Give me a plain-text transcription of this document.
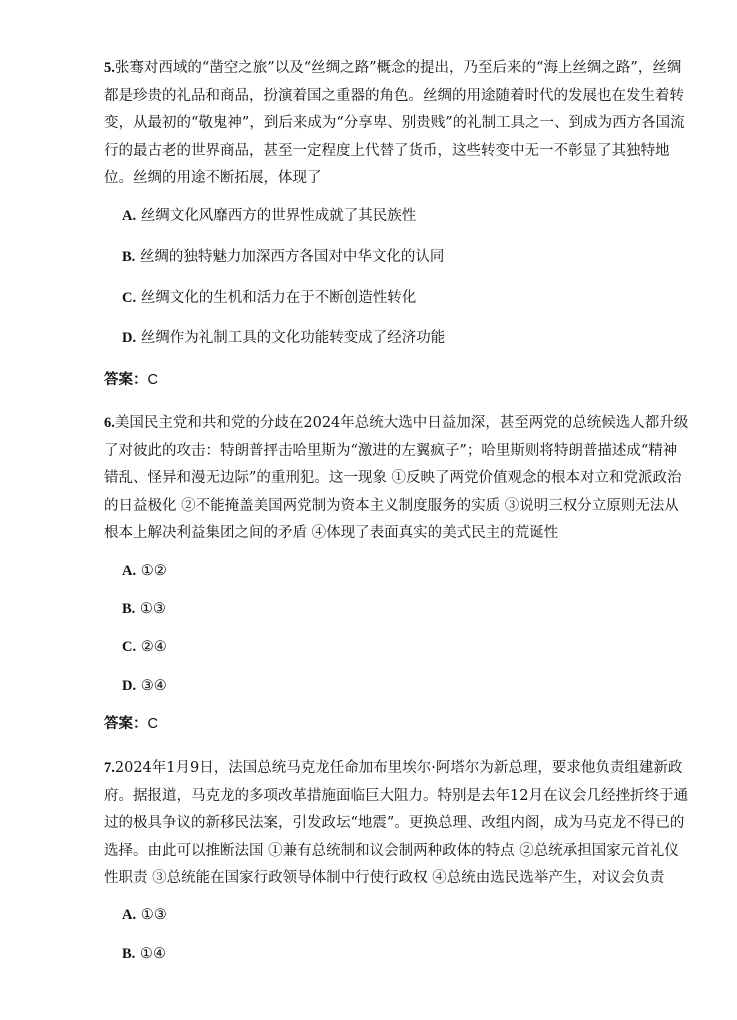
5.张骞对西域的“凿空之旅”以及“丝绸之路”概念的提出，乃至后来的“海上丝绸之路”，丝绸都是珍贵的礼品和商品，扮演着国之重器的角色。丝绸的用途随着时代的发展也在发生着转变，从最初的“敬鬼神”，到后来成为“分享卑、别贵贱”的礼制工具之一、到成为西方各国流行的最古老的世界商品，甚至一定程度上代替了货币，这些转变中无一不彰显了其独特地位。丝绸的用途不断拓展，体现了
A. 丝绸文化风靡西方的世界性成就了其民族性
B. 丝绸的独特魅力加深西方各国对中华文化的认同
C. 丝绸文化的生机和活力在于不断创造性转化
D. 丝绸作为礼制工具的文化功能转变成了经济功能
答案：C
6.美国民主党和共和党的分歧在2024年总统大选中日益加深，甚至两党的总统候选人都升级了对彼此的攻击：特朗普抨击哈里斯为“激进的左翼疯子”；哈里斯则将特朗普描述成“精神错乱、怪异和漫无边际”的重刑犯。这一现象 ①反映了两党价值观念的根本对立和党派政治的日益极化 ②不能掩盖美国两党制为资本主义制度服务的实质 ③说明三权分立原则无法从根本上解决利益集团之间的矛盾 ④体现了表面真实的美式民主的荒诞性
A. ①②
B. ①③
C. ②④
D. ③④
答案：C
7.2024年1月9日，法国总统马克龙任命加布里埃尔·阿塔尔为新总理，要求他负责组建新政府。据报道，马克龙的多项改革措施面临巨大阻力。特别是去年12月在议会几经挫折终于通过的极具争议的新移民法案，引发政坛“地震”。更换总理、改组内阁，成为马克龙不得已的选择。由此可以推断法国 ①兼有总统制和议会制两种政体的特点 ②总统承担国家元首礼仪性职责 ③总统能在国家行政领导体制中行使行政权 ④总统由选民选举产生，对议会负责
A. ①③
B. ①④
